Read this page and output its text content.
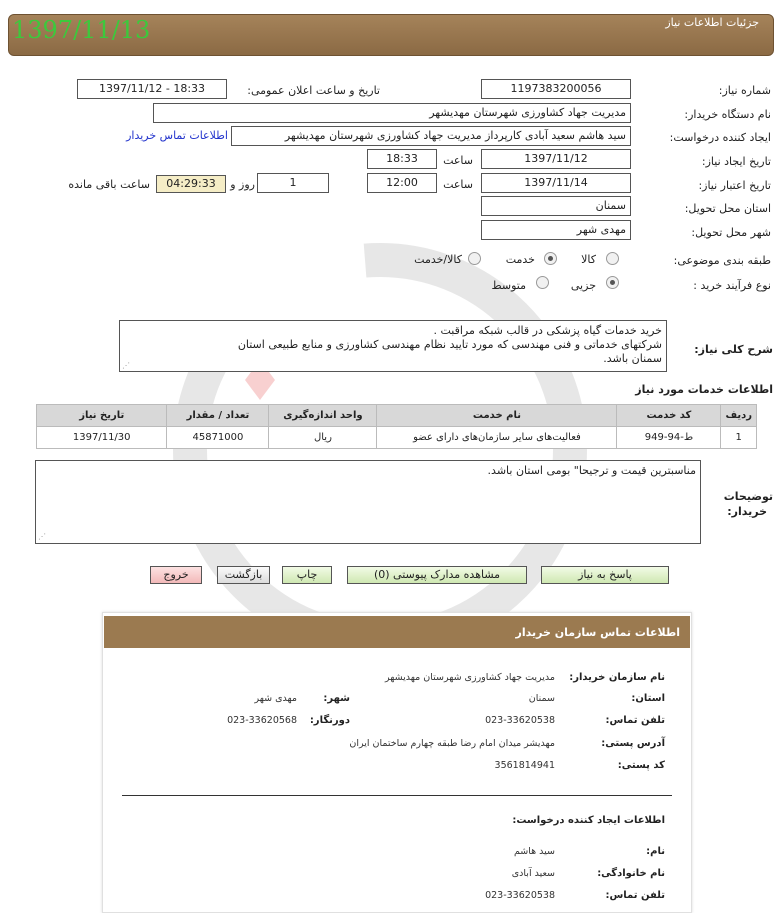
جزئیات اطلاعات نیاز
1397/11/13
شماره نیاز:
1197383200056
تاریخ و ساعت اعلان عمومی:
1397/11/12 - 18:33
نام دستگاه خریدار:
مدیریت جهاد کشاورزی شهرستان مهدیشهر
ایجاد کننده درخواست:
سید هاشم سعید آبادی کارپرداز مدیریت جهاد کشاورزی شهرستان مهدیشهر
اطلاعات تماس خریدار
تاریخ ایجاد نیاز:
1397/11/12
ساعت
18:33
تاریخ اعتبار نیاز:
1397/11/14
ساعت
12:00
1
روز و
04:29:33
ساعت باقی مانده
استان محل تحویل:
سمنان
شهر محل تحویل:
مهدی شهر
طبقه بندی موضوعی:
کالا
خدمت
کالا/خدمت
نوع فرآیند خرید :
جزیی
متوسط
شرح کلی نیاز:
خرید خدمات گیاه پزشکی در قالب شبکه مراقبت .
شرکتهای خدماتی و فنی مهندسی که مورد تایید نظام مهندسی کشاورزی و منابع طبیعی استان
سمنان باشد.
اطلاعات خدمات مورد نیاز
ردیف	کد خدمت	نام خدمت	واحد اندازه‌گیری	تعداد / مقدار	تاریخ نیاز
1	ط-94-949	فعالیت‌های سایر سازمان‌های دارای عضو	ریال	45871000	1397/11/30
توضیحات
خریدار:
مناسبترین قیمت و ترجیحا" بومی استان باشد.
⋰
⋰
پاسخ به نیاز
مشاهده مدارک پیوستی (0)
چاپ
بازگشت
خروج
اطلاعات تماس سازمان خریدار
نام سازمان خریدار:
مدیریت جهاد کشاورزی شهرستان مهدیشهر
استان:
سمنان
شهر:
مهدی شهر
تلفن تماس:
023-33620538
دورنگار:
023-33620568
آدرس پستی:
مهدیشر میدان امام رضا طبقه چهارم ساختمان ایران
کد پستی:
3561814941
اطلاعات ایجاد کننده درخواست:
نام:
سید هاشم
نام خانوادگی:
سعید آبادی
تلفن تماس:
023-33620538
